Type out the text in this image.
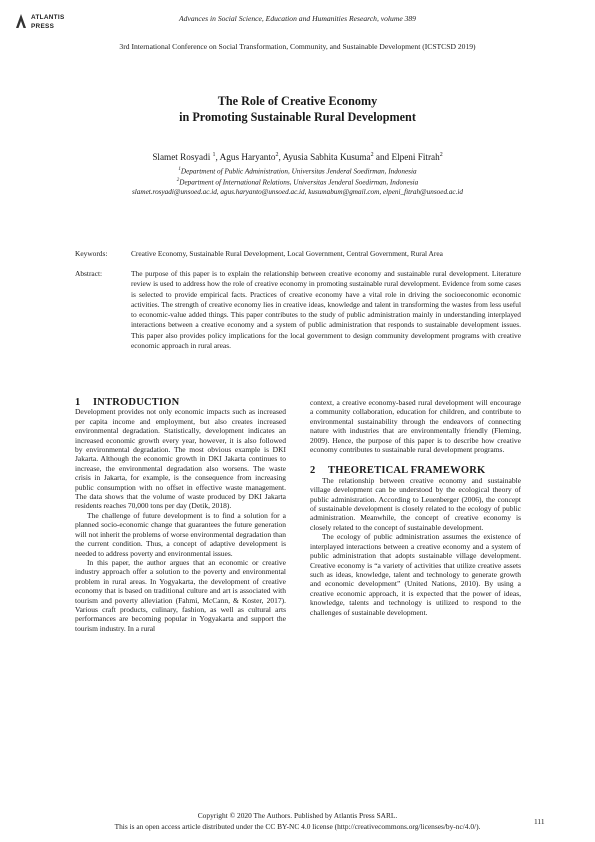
ATLANTIS
PRESS
Advances in Social Science, Education and Humanities Research, volume 389
3rd International Conference on Social Transformation, Community, and Sustainable Development (ICSTCSD 2019)
The Role of Creative Economy
in Promoting Sustainable Rural Development
Slamet Rosyadi $^1$, Agus Haryanto$^2$, Ayusia Sabhita Kusuma$^2$ and Elpeni Fitrah$^2$
$^1$Department of Public Administration, Universitas Jenderal Soedirman, Indonesia
$^2$Department of International Relations, Universitas Jenderal Soedirman, Indonesia
slamet.rosyadi@unsoed.ac.id, agus.haryanto@unsoed.ac.id, kusumabum@gmail.com, elpeni_fitrah@unsoed.ac.id
Keywords:	Creative Economy, Sustainable Rural Development, Local Government, Central Government, Rural Area
Abstract:	The purpose of this paper is to explain the relationship between creative economy and sustainable rural development. Literature review is used to address how the role of creative economy in promoting sustainable rural development. Evidence from some cases is selected to provide empirical facts. Practices of creative economy have a vital role in driving the socioeconomic economic activities. The strength of creative economy lies in creative ideas, knowledge and talent in transforming the wastes from less useful to economic-value added things. This paper contributes to the study of public administration mainly in understanding interplayed interactions between a creative economy and a system of public administration that responds to sustainable development issues. This paper also provides policy implications for the local government to design community development programs with creative economic approach in rural areas.
1 INTRODUCTION

Development provides not only economic impacts such as increased per capita income and employment, but also creates increased environmental degradation. Statistically, development indicates an increased economic growth every year, however, it is also followed by environmental degradation. The most obvious example is DKI Jakarta. Although the economic growth in DKI Jakarta continues to increase, the environmental degradation also worsens. The waste crisis in Jakarta, for example, is the consequence from increasing public consumption with no offset in effective waste management. The data shows that the volume of waste produced by DKI Jakarta residents reaches 70,000 tons per day (Detik, 2018).

The challenge of future development is to find a solution for a planned socio-economic change that guarantees the future generation will not inherit the problems of worse environmental degradation than the current condition. Thus, a concept of adaptive development is needed to address poverty and environmental issues.

In this paper, the author argues that an economic or creative industry approach offer a solution to the poverty and environmental problem in rural areas. In Yogyakarta, the development of creative economy that is based on traditional culture and art is associated with tourism and poverty alleviation (Fahmi, McCann, & Koster, 2017). Various craft products, culinary, fashion, as well as cultural arts performances are becoming popular in Yogyakarta and support the tourism industry. In a rural

context, a creative economy-based rural development will encourage a community collaboration, education for children, and contribute to environmental sustainability through the endeavors of connecting nature with industries that are environmentally friendly (Fleming, 2009). Hence, the purpose of this paper is to describe how creative economy contributes to sustainable rural development programs.

2 THEORETICAL FRAMEWORK

The relationship between creative economy and sustainable village development can be understood by the ecological theory of public administration. According to Leuenberger (2006), the concept of sustainable development is closely related to the ecology of public administration. Meanwhile, the concept of creative economy is closely related to the concept of sustainable development.

The ecology of public administration assumes the existence of interplayed interactions between a creative economy and a system of public administration that adopts sustainable village development. Creative economy is “a variety of activities that utilize creative assets such as ideas, knowledge, talent and technology to generate growth and economic development” (United Nations, 2010). By using a creative economic approach, it is expected that the power of ideas, knowledge, talents and technology is utilized to respond to the challenges of sustainable development.

Copyright © 2020 The Authors. Published by Atlantis Press SARL.
This is an open access article distributed under the CC BY-NC 4.0 license (http://creativecommons.org/licenses/by-nc/4.0/).
111
